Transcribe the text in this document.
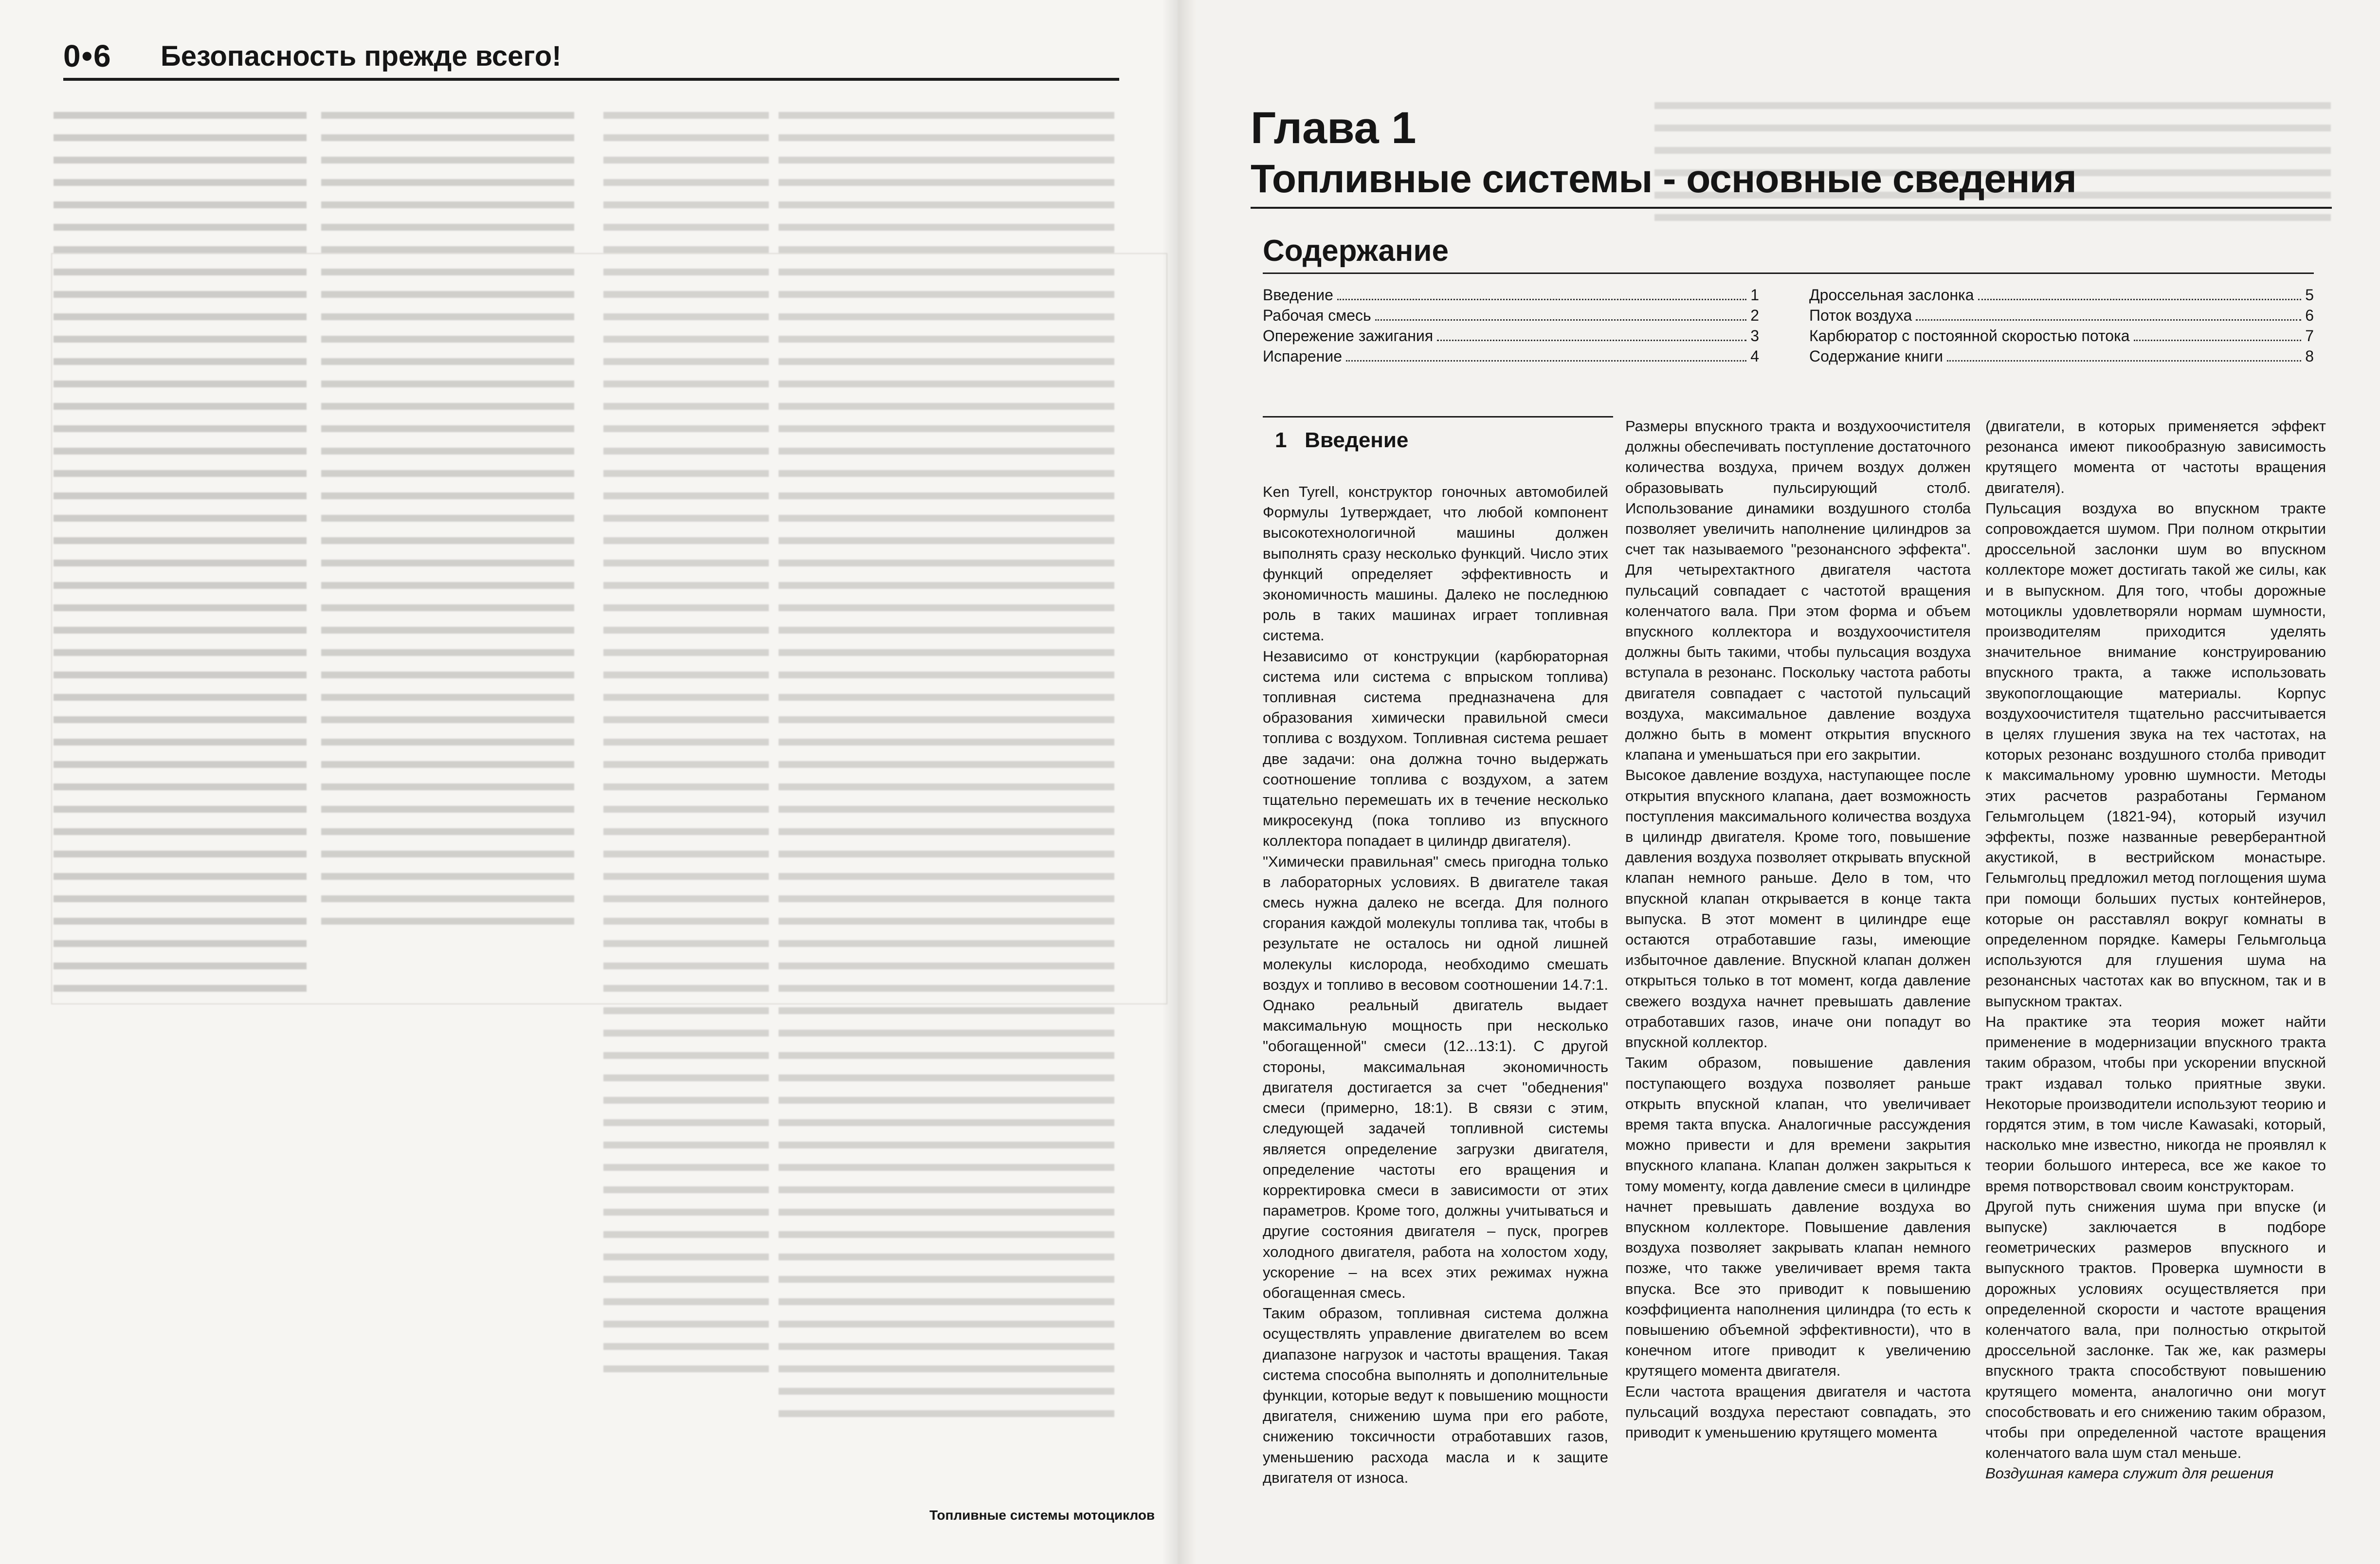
0•6 Безопасность прежде всего!
Топливные системы мотоциклов
Глава 1
Топливные системы - основные сведения
Содержание
Введение	1
Рабочая смесь	2
Опережение зажигания	3
Испарение	4
Дроссельная заслонка	5
Поток воздуха	6
Карбюратор с постоянной скоростью потока	7
Содержание книги	8
1 Введение

Ken Tyrell, конструктор гоночных автомобилей Формулы 1утверждает, что любой компонент высокотехнологичной машины должен выполнять сразу несколько функций. Число этих функций определяет эффективность и экономичность машины. Далеко не последнюю роль в таких машинах играет топливная система.

Независимо от конструкции (карбюраторная система или система с впрыском топлива) топливная система предназначена для образования химически правильной смеси топлива с воздухом. Топливная система решает две задачи: она должна точно выдержать соотношение топлива с воздухом, а затем тщательно перемешать их в течение несколько микросекунд (пока топливо из впускного коллектора попадает в цилиндр двигателя).

"Химически правильная" смесь пригодна только в лабораторных условиях. В двигателе такая смесь нужна далеко не всегда. Для полного сгорания каждой молекулы топлива так, чтобы в результате не осталось ни одной лишней молекулы кислорода, необходимо смешать воздух и топливо в весовом соотношении 14.7:1. Однако реальный двигатель выдает максимальную мощность при несколько "обогащенной" смеси (12...13:1). С другой стороны, максимальная экономичность двигателя достигается за счет "обеднения" смеси (примерно, 18:1). В связи с этим, следующей задачей топливной системы является определение загрузки двигателя, определение частоты его вращения и корректировка смеси в зависимости от этих параметров. Кроме того, должны учитываться и другие состояния двигателя – пуск, прогрев холодного двигателя, работа на холостом ходу, ускорение – на всех этих режимах нужна обогащенная смесь.

Таким образом, топливная система должна осуществлять управление двигателем во всем диапазоне нагрузок и частоты вращения. Такая система способна выполнять и дополнительные функции, которые ведут к повышению мощности двигателя, снижению шума при его работе, снижению токсичности отработавших газов, уменьшению расхода масла и к защите двигателя от износа.

Размеры впускного тракта и воздухоочистителя должны обеспечивать поступление достаточного количества воздуха, причем воздух должен образовывать пульсирующий столб. Использование динамики воздушного столба позволяет увеличить наполнение цилиндров за счет так называемого "резонансного эффекта". Для четырехтактного двигателя частота пульсаций совпадает с частотой вращения коленчатого вала. При этом форма и объем впускного коллектора и воздухоочистителя должны быть такими, чтобы пульсация воздуха вступала в резонанс. Поскольку частота работы двигателя совпадает с частотой пульсаций воздуха, максимальное давление воздуха должно быть в момент открытия впускного клапана и уменьшаться при его закрытии.

Высокое давление воздуха, наступающее после открытия впускного клапана, дает возможность поступления максимального количества воздуха в цилиндр двигателя. Кроме того, повышение давления воздуха позволяет открывать впускной клапан немного раньше. Дело в том, что впускной клапан открывается в конце такта выпуска. В этот момент в цилиндре еще остаются отработавшие газы, имеющие избыточное давление. Впускной клапан должен открыться только в тот момент, когда давление свежего воздуха начнет превышать давление отработавших газов, иначе они попадут во впускной коллектор.

Таким образом, повышение давления поступающего воздуха позволяет раньше открыть впускной клапан, что увеличивает время такта впуска. Аналогичные рассуждения можно привести и для времени закрытия впускного клапана. Клапан должен закрыться к тому моменту, когда давление смеси в цилиндре начнет превышать давление воздуха во впускном коллекторе. Повышение давления воздуха позволяет закрывать клапан немного позже, что также увеличивает время такта впуска. Все это приводит к повышению коэффициента наполнения цилиндра (то есть к повышению объемной эффективности), что в конечном итоге приводит к увеличению крутящего момента двигателя.

Если частота вращения двигателя и частота пульсаций воздуха перестают совпадать, это приводит к уменьшению крутящего момента

(двигатели, в которых применяется эффект резонанса имеют пикообразную зависимость крутящего момента от частоты вращения двигателя).

Пульсация воздуха во впускном тракте сопровождается шумом. При полном открытии дроссельной заслонки шум во впускном коллекторе может достигать такой же силы, как и в выпускном. Для того, чтобы дорожные мотоциклы удовлетворяли нормам шумности, производителям приходится уделять значительное внимание конструированию впускного тракта, а также использовать звукопоглощающие материалы. Корпус воздухоочистителя тщательно рассчитывается в целях глушения звука на тех частотах, на которых резонанс воздушного столба приводит к максимальному уровню шумности. Методы этих расчетов разработаны Германом Гельмгольцем (1821-94), который изучил эффекты, позже названные реверберантной акустикой, в вестрийском монастыре. Гельмгольц предложил метод поглощения шума при помощи больших пустых контейнеров, которые он расставлял вокруг комнаты в определенном порядке. Камеры Гельмгольца используются для глушения шума на резонансных частотах как во впускном, так и в выпускном трактах.

На практике эта теория может найти применение в модернизации впускного тракта таким образом, чтобы при ускорении впускной тракт издавал только приятные звуки. Некоторые производители используют теорию и гордятся этим, в том числе Kawasaki, который, насколько мне известно, никогда не проявлял к теории большого интереса, все же какое то время потворствовал своим конструкторам.

Другой путь снижения шума при впуске (и выпуске) заключается в подборе геометрических размеров впускного и выпускного трактов. Проверка шумности в дорожных условиях осуществляется при определенной скорости и частоте вращения коленчатого вала, при полностью открытой дроссельной заслонке. Так же, как размеры впускного тракта способствуют повышению крутящего момента, аналогично они могут способствовать и его снижению таким образом, чтобы при определенной частоте вращения коленчатого вала шум стал меньше.

Воздушная камера служит для решения
